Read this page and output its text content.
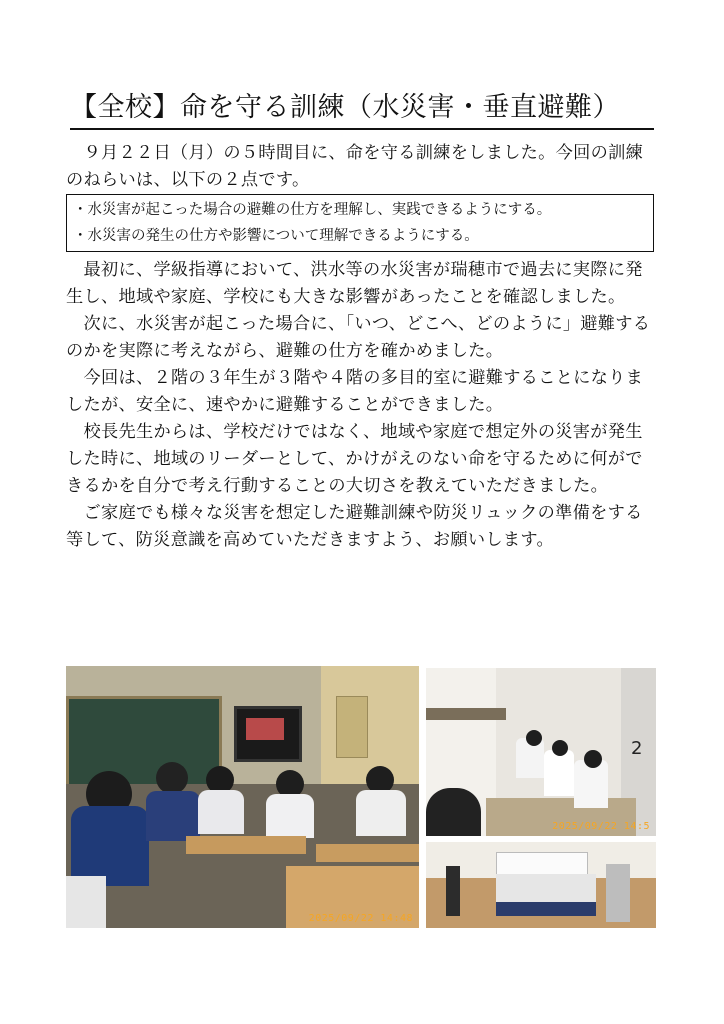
【全校】命を守る訓練（水災害・垂直避難）
　９月２２日（月）の５時間目に、命を守る訓練をしました。今回の訓練のねらいは、以下の２点です。
・水災害が起こった場合の避難の仕方を理解し、実践できるようにする。
・水災害の発生の仕方や影響について理解できるようにする。
　最初に、学級指導において、洪水等の水災害が瑞穂市で過去に実際に発生し、地域や家庭、学校にも大きな影響があったことを確認しました。
　次に、水災害が起こった場合に、「いつ、どこへ、どのように」避難するのかを実際に考えながら、避難の仕方を確かめました。
　今回は、２階の３年生が３階や４階の多目的室に避難することになりましたが、安全に、速やかに避難することができました。
　校長先生からは、学校だけではなく、地域や家庭で想定外の災害が発生した時に、地域のリーダーとして、かけがえのない命を守るために何ができるかを自分で考え行動することの大切さを教えていただきました。
　ご家庭でも様々な災害を想定した避難訓練や防災リュックの準備をする等して、防災意識を高めていただきますよう、お願いします。
2025/09/22 14:48
2
2025/09/22 14:5
